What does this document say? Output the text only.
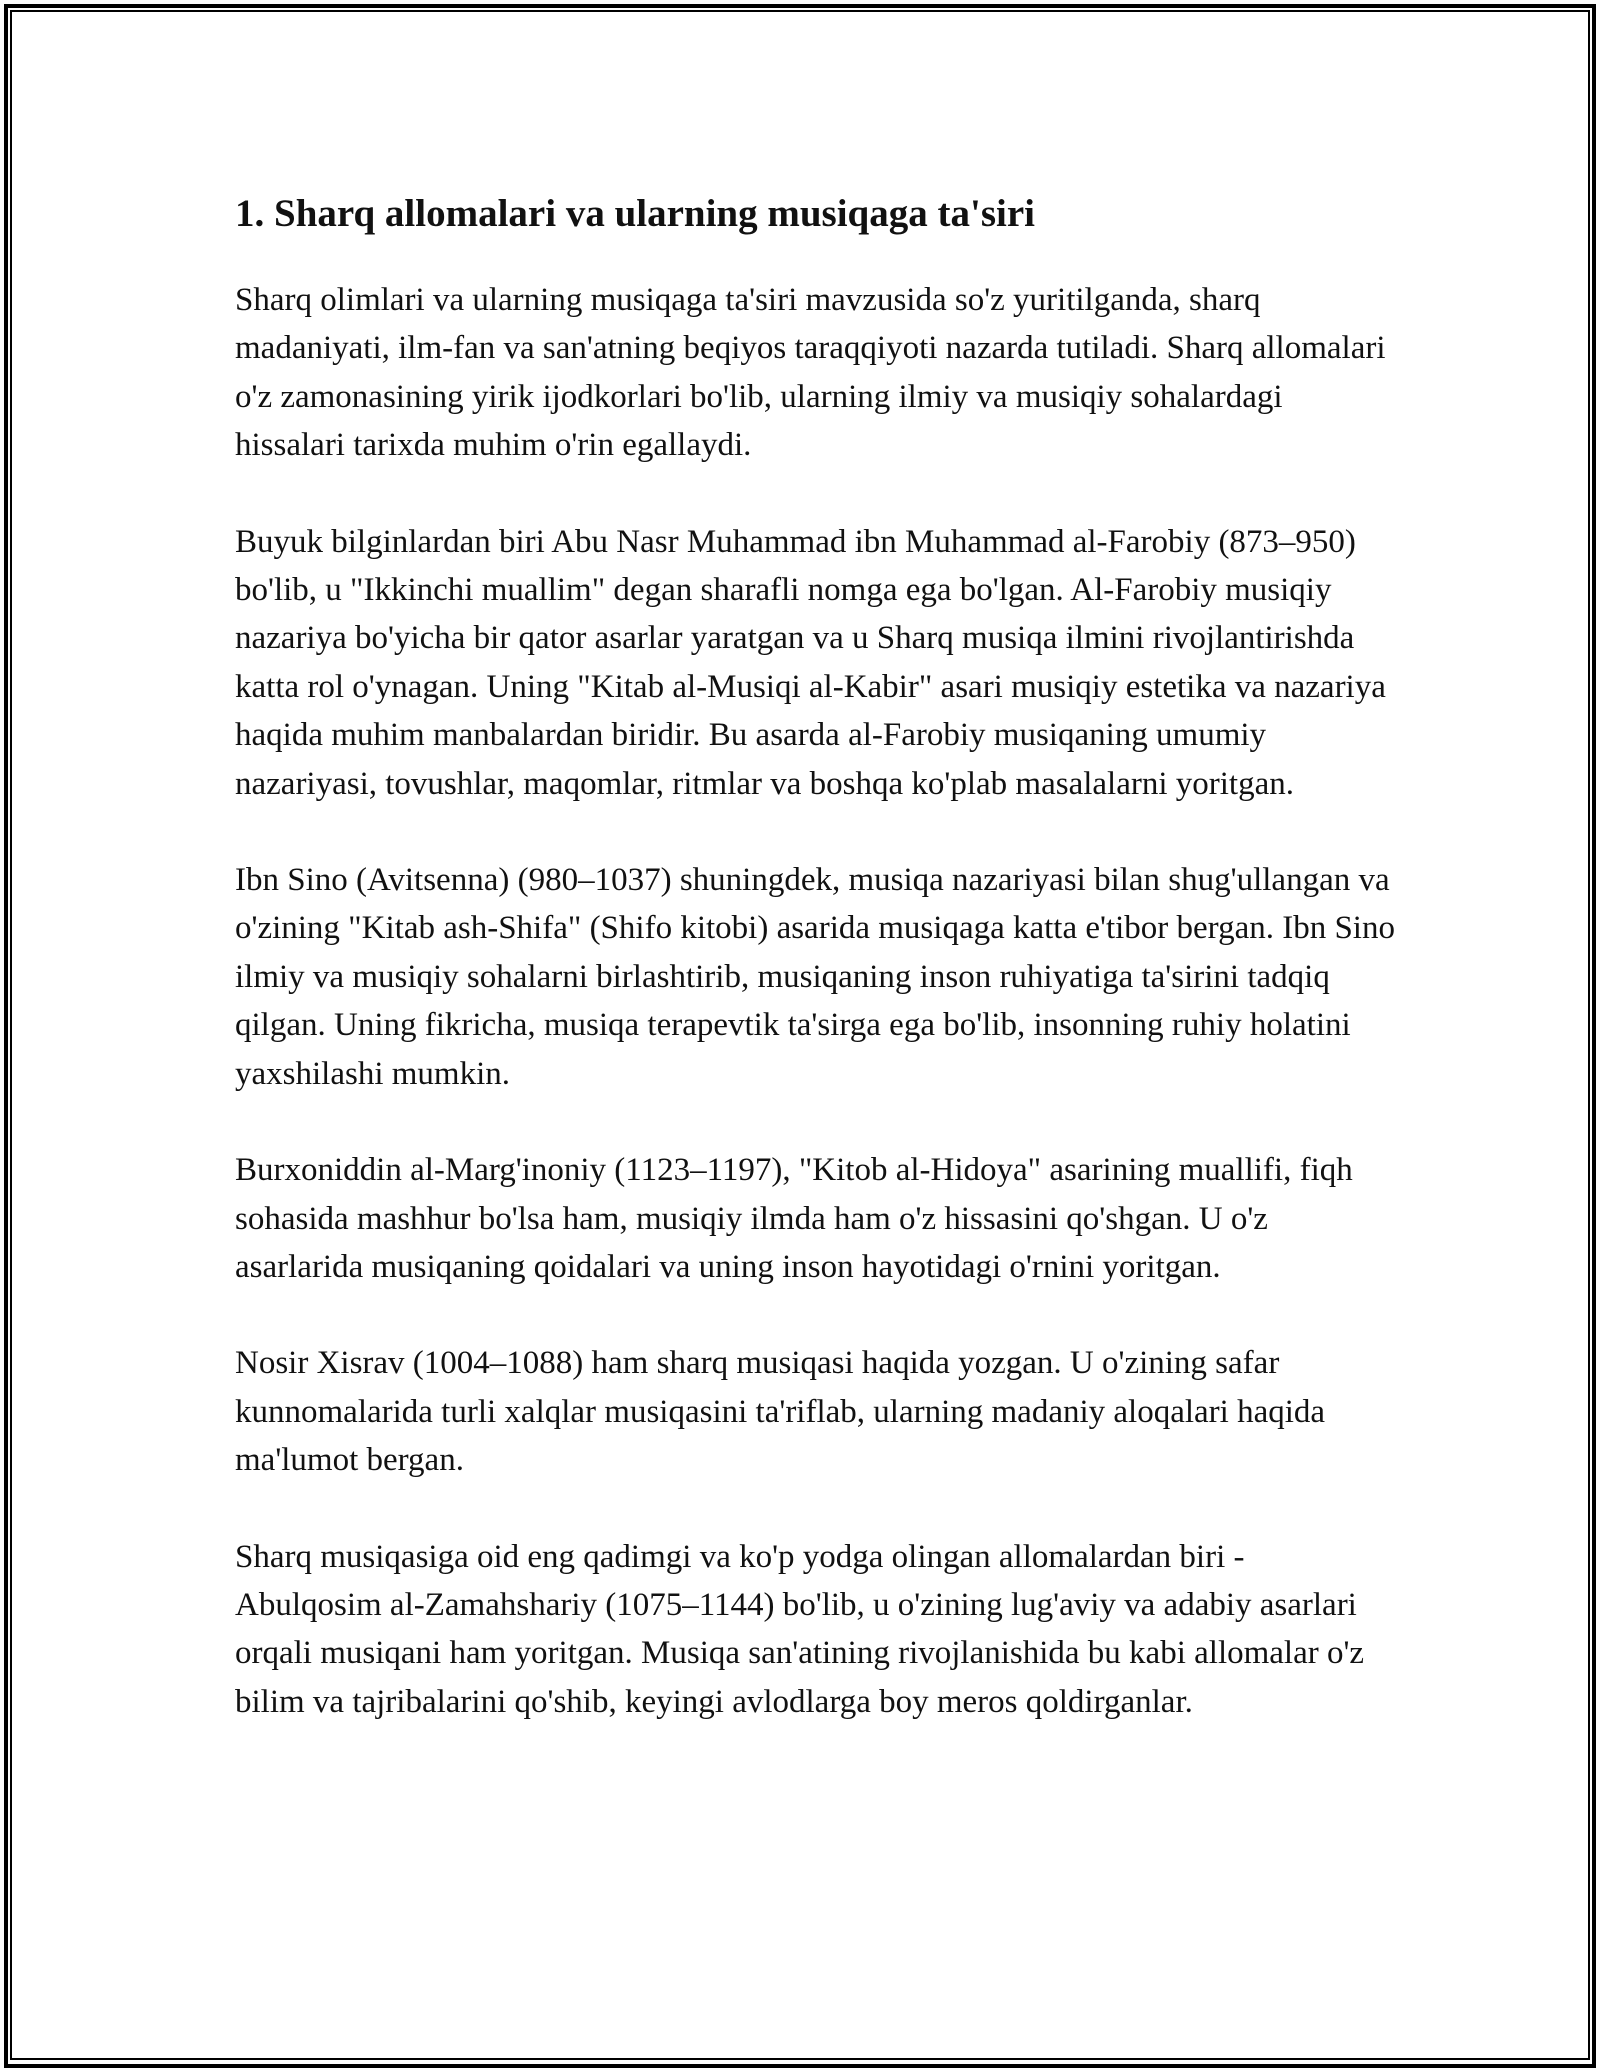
1. Sharq allomalari va ularning musiqaga ta'siri

Sharq olimlari va ularning musiqaga ta'siri mavzusida so'z yuritilganda, sharq madaniyati, ilm-fan va san'atning beqiyos taraqqiyoti nazarda tutiladi. Sharq allomalari o'z zamonasining yirik ijodkorlari bo'lib, ularning ilmiy va musiqiy sohalardagi hissalari tarixda muhim o'rin egallaydi.

Buyuk bilginlardan biri Abu Nasr Muhammad ibn Muhammad al-Farobiy (873–950) bo'lib, u "Ikkinchi muallim" degan sharafli nomga ega bo'lgan. Al-Farobiy musiqiy nazariya bo'yicha bir qator asarlar yaratgan va u Sharq musiqa ilmini rivojlantirishda katta rol o'ynagan. Uning "Kitab al-Musiqi al-Kabir" asari musiqiy estetika va nazariya haqida muhim manbalardan biridir. Bu asarda al-Farobiy musiqaning umumiy nazariyasi, tovushlar, maqomlar, ritmlar va boshqa ko'plab masalalarni yoritgan.

Ibn Sino (Avitsenna) (980–1037) shuningdek, musiqa nazariyasi bilan shug'ullangan va o'zining "Kitab ash-Shifa" (Shifo kitobi) asarida musiqaga katta e'tibor bergan. Ibn Sino ilmiy va musiqiy sohalarni birlashtirib, musiqaning inson ruhiyatiga ta'sirini tadqiq qilgan. Uning fikricha, musiqa terapevtik ta'sirga ega bo'lib, insonning ruhiy holatini yaxshilashi mumkin.

Burxoniddin al-Marg'inoniy (1123–1197), "Kitob al-Hidoya" asarining muallifi, fiqh sohasida mashhur bo'lsa ham, musiqiy ilmda ham o'z hissasini qo'shgan. U o'z asarlarida musiqaning qoidalari va uning inson hayotidagi o'rnini yoritgan.

Nosir Xisrav (1004–1088) ham sharq musiqasi haqida yozgan. U o'zining safar kunnomalarida turli xalqlar musiqasini ta'riflab, ularning madaniy aloqalari haqida ma'lumot bergan.

Sharq musiqasiga oid eng qadimgi va ko'p yodga olingan allomalardan biri - Abulqosim al-Zamahshariy (1075–1144) bo'lib, u o'zining lug'aviy va adabiy asarlari orqali musiqani ham yoritgan. Musiqa san'atining rivojlanishida bu kabi allomalar o'z bilim va tajribalarini qo'shib, keyingi avlodlarga boy meros qoldirganlar.
